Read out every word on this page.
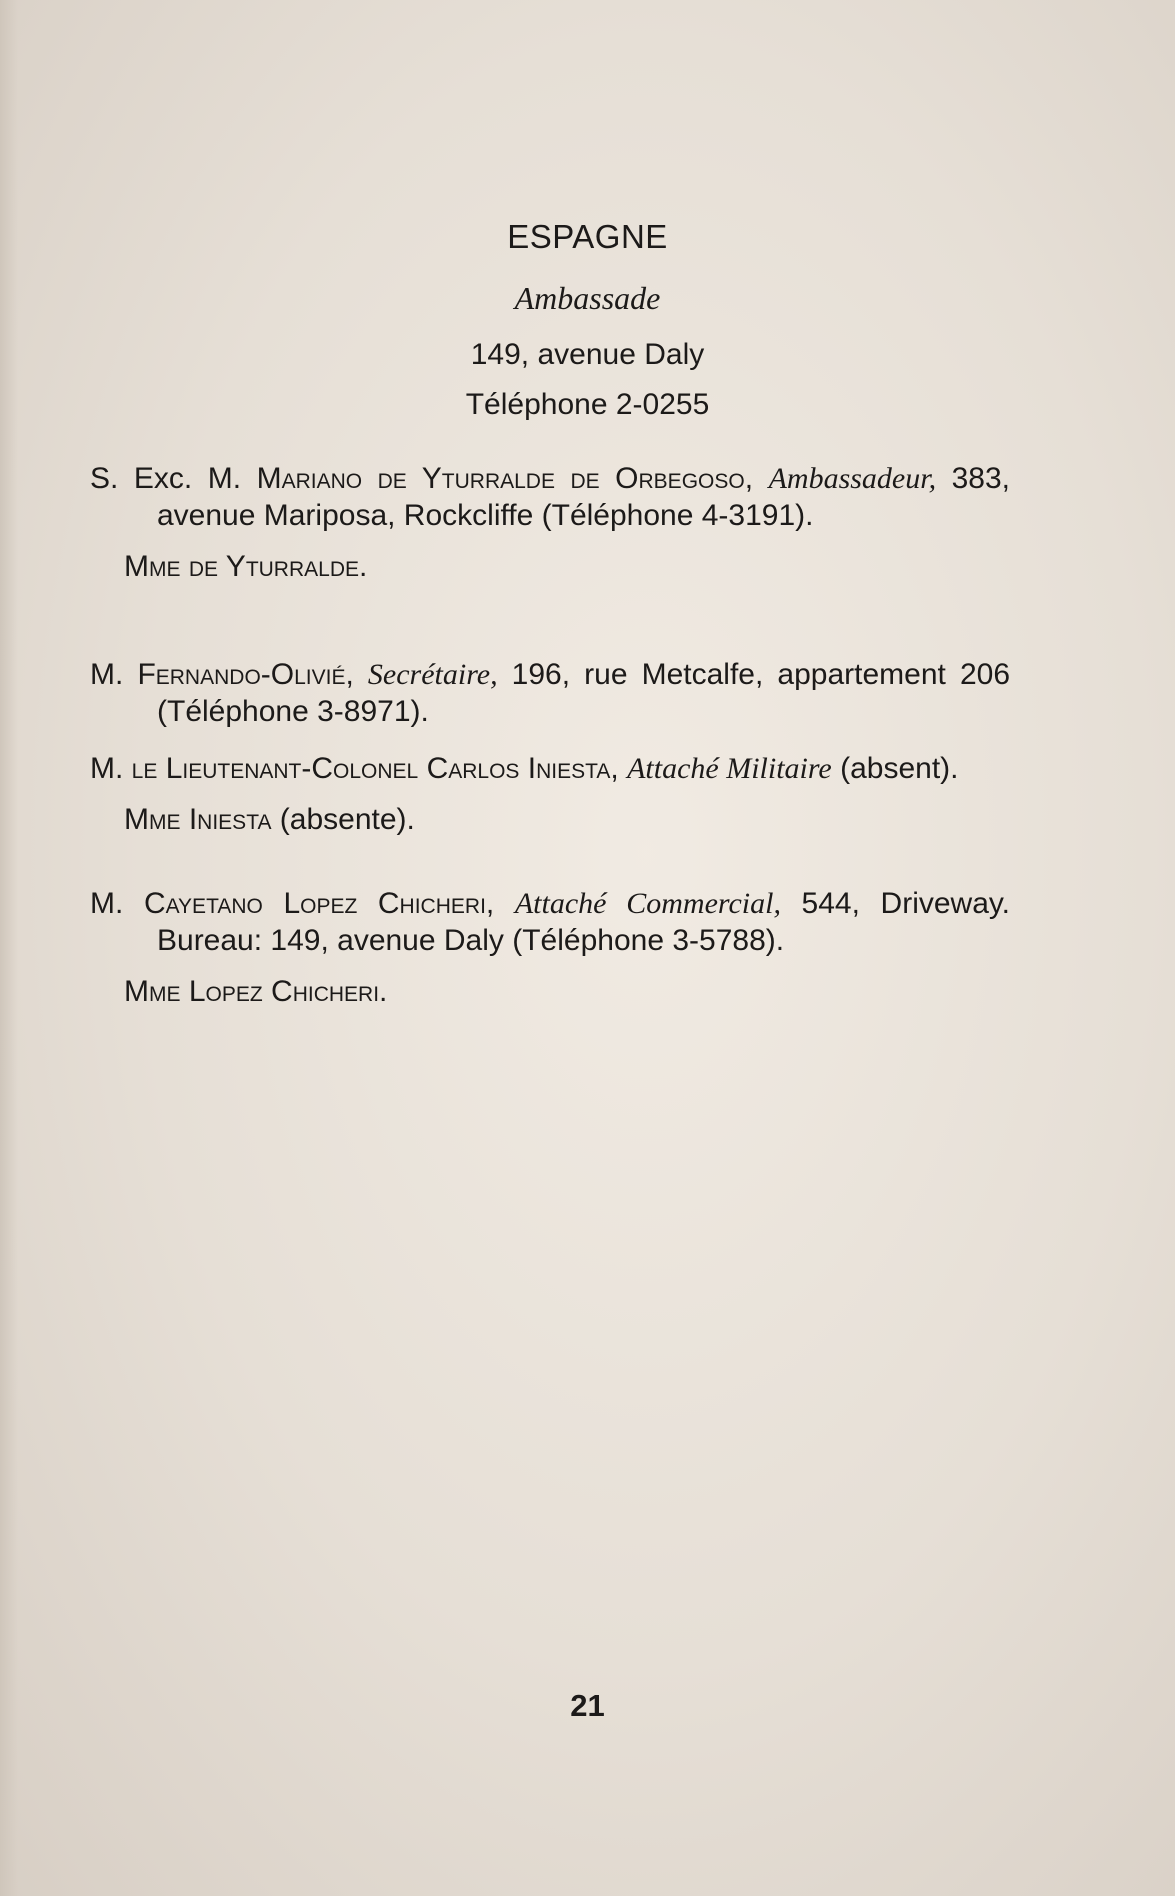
ESPAGNE
Ambassade
149, avenue Daly
Téléphone 2-0255

S. Exc. M. Mariano de Yturralde de Orbegoso, Ambassadeur, 383, avenue Mariposa, Rockcliffe (Téléphone 4-3191).

Mme de Yturralde.

M. Fernando-Olivié, Secrétaire, 196, rue Metcalfe, appartement 206 (Téléphone 3-8971).

M. le Lieutenant-Colonel Carlos Iniesta, Attaché Militaire (absent).

Mme Iniesta (absente).

M. Cayetano Lopez Chicheri, Attaché Commercial, 544, Driveway. Bureau: 149, avenue Daly (Téléphone 3-5788).

Mme Lopez Chicheri.

21
